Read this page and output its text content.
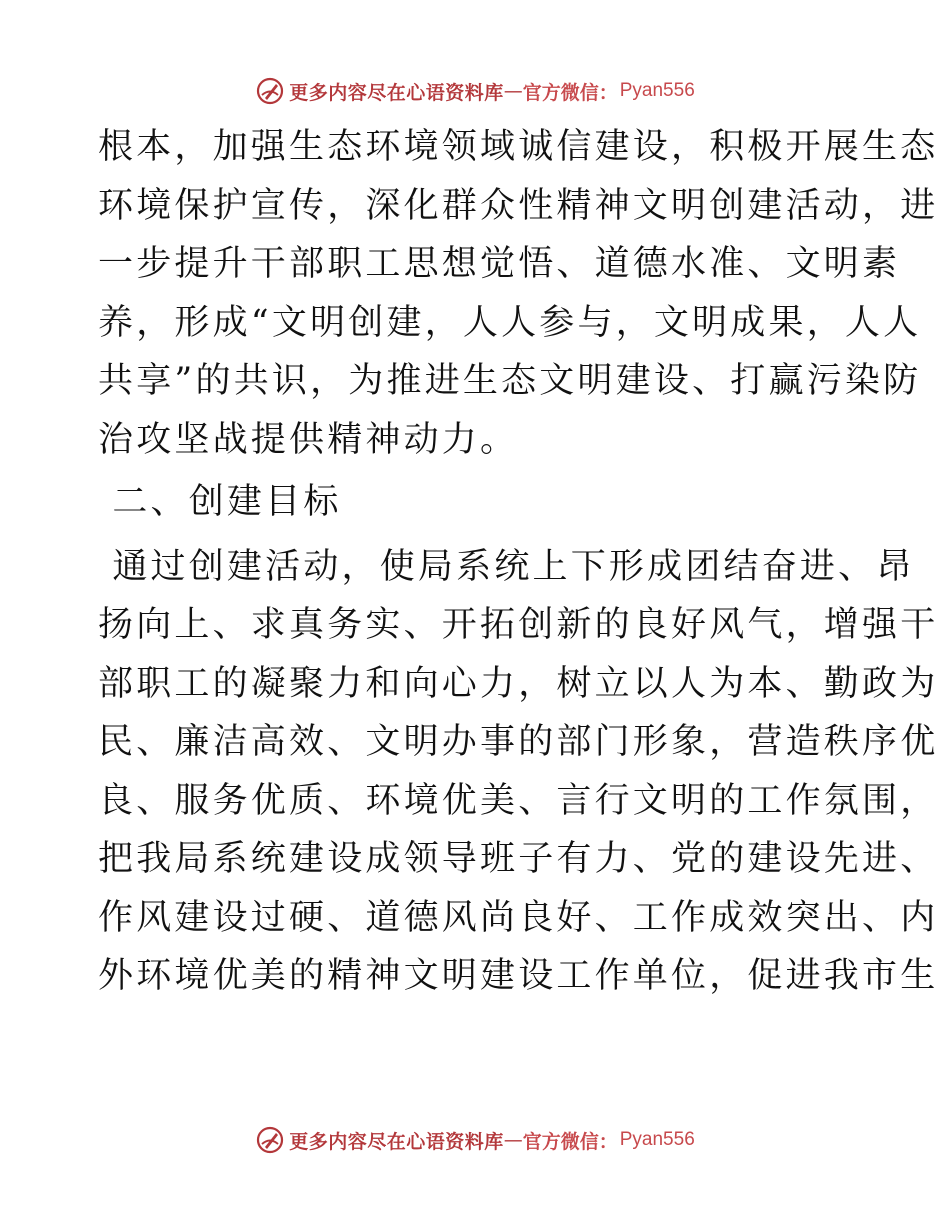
更多内容尽在心语资料库 — 官方微信： Pyan556
根本，加强生态环境领域诚信建设，积极开展生态
环境保护宣传，深化群众性精神文明创建活动，进
一步提升干部职工思想觉悟、道德水准、文明素
养，形成“文明创建，人人参与，文明成果，人人
共享”的共识，为推进生态文明建设、打赢污染防
治攻坚战提供精神动力。
二、创建目标
通过创建活动，使局系统上下形成团结奋进、昂
扬向上、求真务实、开拓创新的良好风气，增强干
部职工的凝聚力和向心力，树立以人为本、勤政为
民、廉洁高效、文明办事的部门形象，营造秩序优
良、服务优质、环境优美、言行文明的工作氛围，
把我局系统建设成领导班子有力、党的建设先进、
作风建设过硬、道德风尚良好、工作成效突出、内
外环境优美的精神文明建设工作单位，促进我市生
更多内容尽在心语资料库 — 官方微信： Pyan556
